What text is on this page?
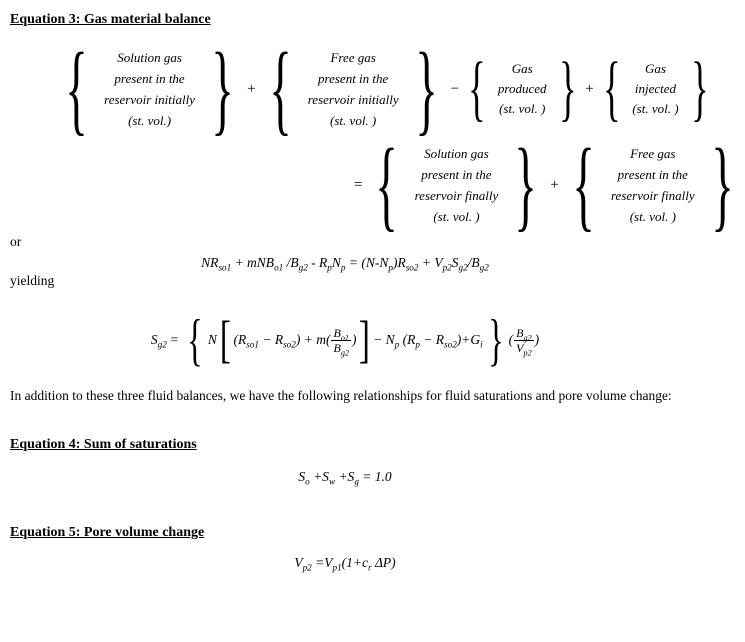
Equation 3: Gas material balance
{	Solution gas
present in the
reservoir initially
(st. vol.) } + {	Free gas
present in the
reservoir initially
(st. vol. ) } − {	Gas
produced
(st. vol. ) } + {	Gas
injected
(st. vol. ) }
= {	Solution gas
present in the
reservoir finally
(st. vol. ) } + {	Free gas
present in the
reservoir finally
(st. vol. ) }
or
$NR_{so1} + mNB_{o1}$ $/B_{g2} - R_pN_p = (N-N_p)R_{so2} + V_{p2}S_{g2}/B_{g2}$
yielding
$S_{g2}$ = { N [ $(R_{so1} - R_{so2}) + m( \frac{B_{o1}}{B_{g2}}$ ) ] − $N_p$ $(R_p - R_{so2})+G_i$ } ( $\frac{B_{g2}}{V_{p2}}$ )
In addition to these three fluid balances, we have the following relationships for fluid saturations and pore volume change:
Equation 4: Sum of saturations
$S_o +S_w +S_g = 1.0$
Equation 5: Pore volume change
$V_{p2} =V_{p1}(1+c_r$ ΔP)
